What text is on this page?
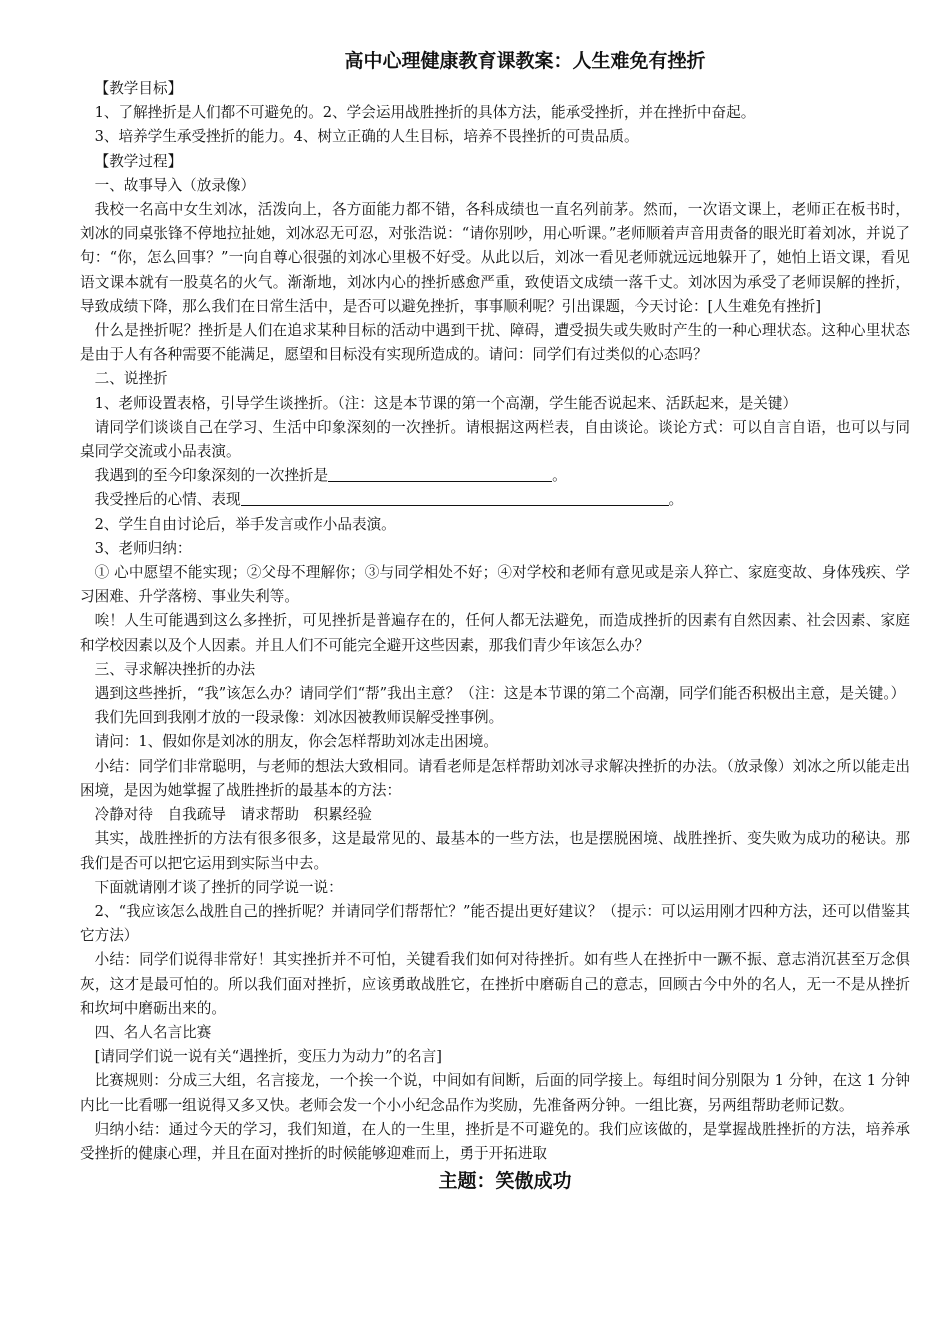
高中心理健康教育课教案：人生难免有挫折

【教学目标】

1、了解挫折是人们都不可避免的。2、学会运用战胜挫折的具体方法，能承受挫折，并在挫折中奋起。

3、培养学生承受挫折的能力。4、树立正确的人生目标，培养不畏挫折的可贵品质。

【教学过程】

一、故事导入（放录像）

我校一名高中女生刘冰，活泼向上，各方面能力都不错，各科成绩也一直名列前茅。然而，一次语文课上，老师正在板书时，刘冰的同桌张锋不停地拉扯她，刘冰忍无可忍，对张浩说：“请你别吵，用心听课。”老师顺着声音用责备的眼光盯着刘冰，并说了句：“你，怎么回事？”一向自尊心很强的刘冰心里极不好受。从此以后，刘冰一看见老师就远远地躲开了，她怕上语文课，看见语文课本就有一股莫名的火气。渐渐地，刘冰内心的挫折感愈严重，致使语文成绩一落千丈。刘冰因为承受了老师误解的挫折，导致成绩下降，那么我们在日常生活中，是否可以避免挫折，事事顺利呢？引出课题，今天讨论：[人生难免有挫折]

什么是挫折呢？挫折是人们在追求某种目标的活动中遇到干扰、障碍，遭受损失或失败时产生的一种心理状态。这种心里状态是由于人有各种需要不能满足，愿望和目标没有实现所造成的。请问：同学们有过类似的心态吗？

二、说挫折

1、老师设置表格，引导学生谈挫折。（注：这是本节课的第一个高潮，学生能否说起来、活跃起来，是关键）

请同学们谈谈自己在学习、生活中印象深刻的一次挫折。请根据这两栏表，自由谈论。谈论方式：可以自言自语，也可以与同桌同学交流或小品表演。

我遇到的至今印象深刻的一次挫折是	。

我受挫后的心情、表现	。

2、学生自由讨论后，举手发言或作小品表演。

3、老师归纳：

① 心中愿望不能实现；②父母不理解你；③与同学相处不好；④对学校和老师有意见或是亲人猝亡、家庭变故、身体残疾、学习困难、升学落榜、事业失利等。

唉！人生可能遇到这么多挫折，可见挫折是普遍存在的，任何人都无法避免，而造成挫折的因素有自然因素、社会因素、家庭和学校因素以及个人因素。并且人们不可能完全避开这些因素，那我们青少年该怎么办？

三、寻求解决挫折的办法

遇到这些挫折，“我”该怎么办？请同学们“帮”我出主意？（注：这是本节课的第二个高潮，同学们能否积极出主意，是关键。）

我们先回到我刚才放的一段录像：刘冰因被教师误解受挫事例。

请问：1、假如你是刘冰的朋友，你会怎样帮助刘冰走出困境。

小结：同学们非常聪明，与老师的想法大致相同。请看老师是怎样帮助刘冰寻求解决挫折的办法。（放录像）刘冰之所以能走出困境，是因为她掌握了战胜挫折的最基本的方法：

冷静对待　自我疏导　请求帮助　积累经验

其实，战胜挫折的方法有很多很多，这是最常见的、最基本的一些方法，也是摆脱困境、战胜挫折、变失败为成功的秘诀。那我们是否可以把它运用到实际当中去。

下面就请刚才谈了挫折的同学说一说：

2、“我应该怎么战胜自己的挫折呢？并请同学们帮帮忙？”能否提出更好建议？（提示：可以运用刚才四种方法，还可以借鉴其它方法）

小结：同学们说得非常好！其实挫折并不可怕，关键看我们如何对待挫折。如有些人在挫折中一蹶不振、意志消沉甚至万念俱灰，这才是最可怕的。所以我们面对挫折，应该勇敢战胜它，在挫折中磨砺自己的意志，回顾古今中外的名人，无一不是从挫折和坎坷中磨砺出来的。

四、名人名言比赛

[请同学们说一说有关“遇挫折，变压力为动力”的名言]

比赛规则：分成三大组，名言接龙，一个挨一个说，中间如有间断，后面的同学接上。每组时间分别限为 1 分钟，在这 1 分钟内比一比看哪一组说得又多又快。老师会发一个小小纪念品作为奖励，先准备两分钟。一组比赛，另两组帮助老师记数。

归纳小结：通过今天的学习，我们知道，在人的一生里，挫折是不可避免的。我们应该做的，是掌握战胜挫折的方法，培养承受挫折的健康心理，并且在面对挫折的时候能够迎难而上，勇于开拓进取

主题：笑傲成功
